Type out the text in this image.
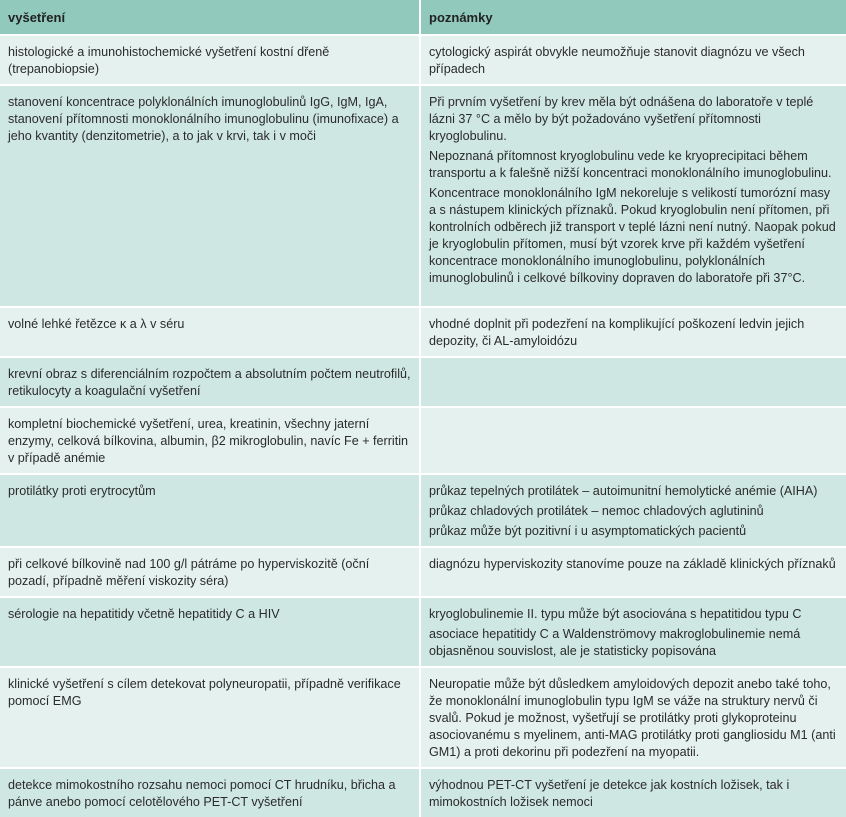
vyšetření	poznámky
histologické a imunohistochemické vyšetření kostní dřeně (trepanobiopsie)	cytologický aspirát obvykle neumožňuje stanovit diagnózu ve všech případech

stanovení koncentrace polyklonálních imunoglobulinů IgG, IgM, IgA, stanovení přítomnosti monoklonálního imunoglobulinu (imunofixace) a jeho kvantity (denzitometrie), a to jak v krvi, tak i v moči	Při prvním vyšetření by krev měla být odnášena do laboratoře v teplé lázni 37 °C a mělo by být požadováno vyšetření přítomnosti kryoglobulinu.

Nepoznaná přítomnost kryoglobulinu vede ke kryoprecipitaci během transportu a k falešně nižší koncentraci monoklonálního imunoglobulinu.

Koncentrace monoklonálního IgM nekoreluje s velikostí tumorózní masy a s nástupem klinických příznaků. Pokud kryoglobulin není přítomen, při kontrolních odběrech již transport v teplé lázni není nutný. Naopak pokud je kryoglobulin přítomen, musí být vzorek krve při každém vyšetření koncentrace monoklonálního imunoglobulinu, polyklonálních imunoglobulinů i celkové bílkoviny dopraven do laboratoře při 37°C.

volné lehké řetězce κ a λ v séru	vhodné doplnit při podezření na komplikující poškození ledvin jejich depozity, či AL-amyloidózu

krevní obraz s diferenciálním rozpočtem a absolutním počtem neutrofilů, retikulocyty a koagulační vyšetření	
kompletní biochemické vyšetření, urea, kreatinin, všechny jaterní enzymy, celková bílkovina, albumin, β2 mikroglobulin, navíc Fe + ferritin v případě anémie	
protilátky proti erytrocytům	průkaz tepelných protilátek – autoimunitní hemolytické anémie (AIHA)

průkaz chladových protilátek – nemoc chladových aglutininů

průkaz může být pozitivní i u asymptomatických pacientů

při celkové bílkovině nad 100 g/l pátráme po hyperviskozitě (oční pozadí, případně měření viskozity séra)	diagnózu hyperviskozity stanovíme pouze na základě klinických příznaků

sérologie na hepatitidy včetně hepatitidy C a HIV	kryoglobulinemie II. typu může být asociována s hepatitidou typu C

asociace hepatitidy C a Waldenströmovy makroglobulinemie nemá objasněnou souvislost, ale je statisticky popisována

klinické vyšetření s cílem detekovat polyneuropatii, případně verifikace pomocí EMG	Neuropatie může být důsledkem amyloidových depozit anebo také toho, že monoklonální imunoglobulin typu IgM se váže na struktury nervů či svalů. Pokud je možnost, vyšetřují se protilátky proti glykoproteinu asociovanému s myelinem, anti-MAG protilátky proti gangliosidu M1 (anti GM1) a proti dekorinu při podezření na myopatii.

detekce mimokostního rozsahu nemoci pomocí CT hrudníku, břicha a pánve anebo pomocí celotělového PET-CT vyšetření	výhodnou PET-CT vyšetření je detekce jak kostních ložisek, tak i mimokostních ložisek nemoci
